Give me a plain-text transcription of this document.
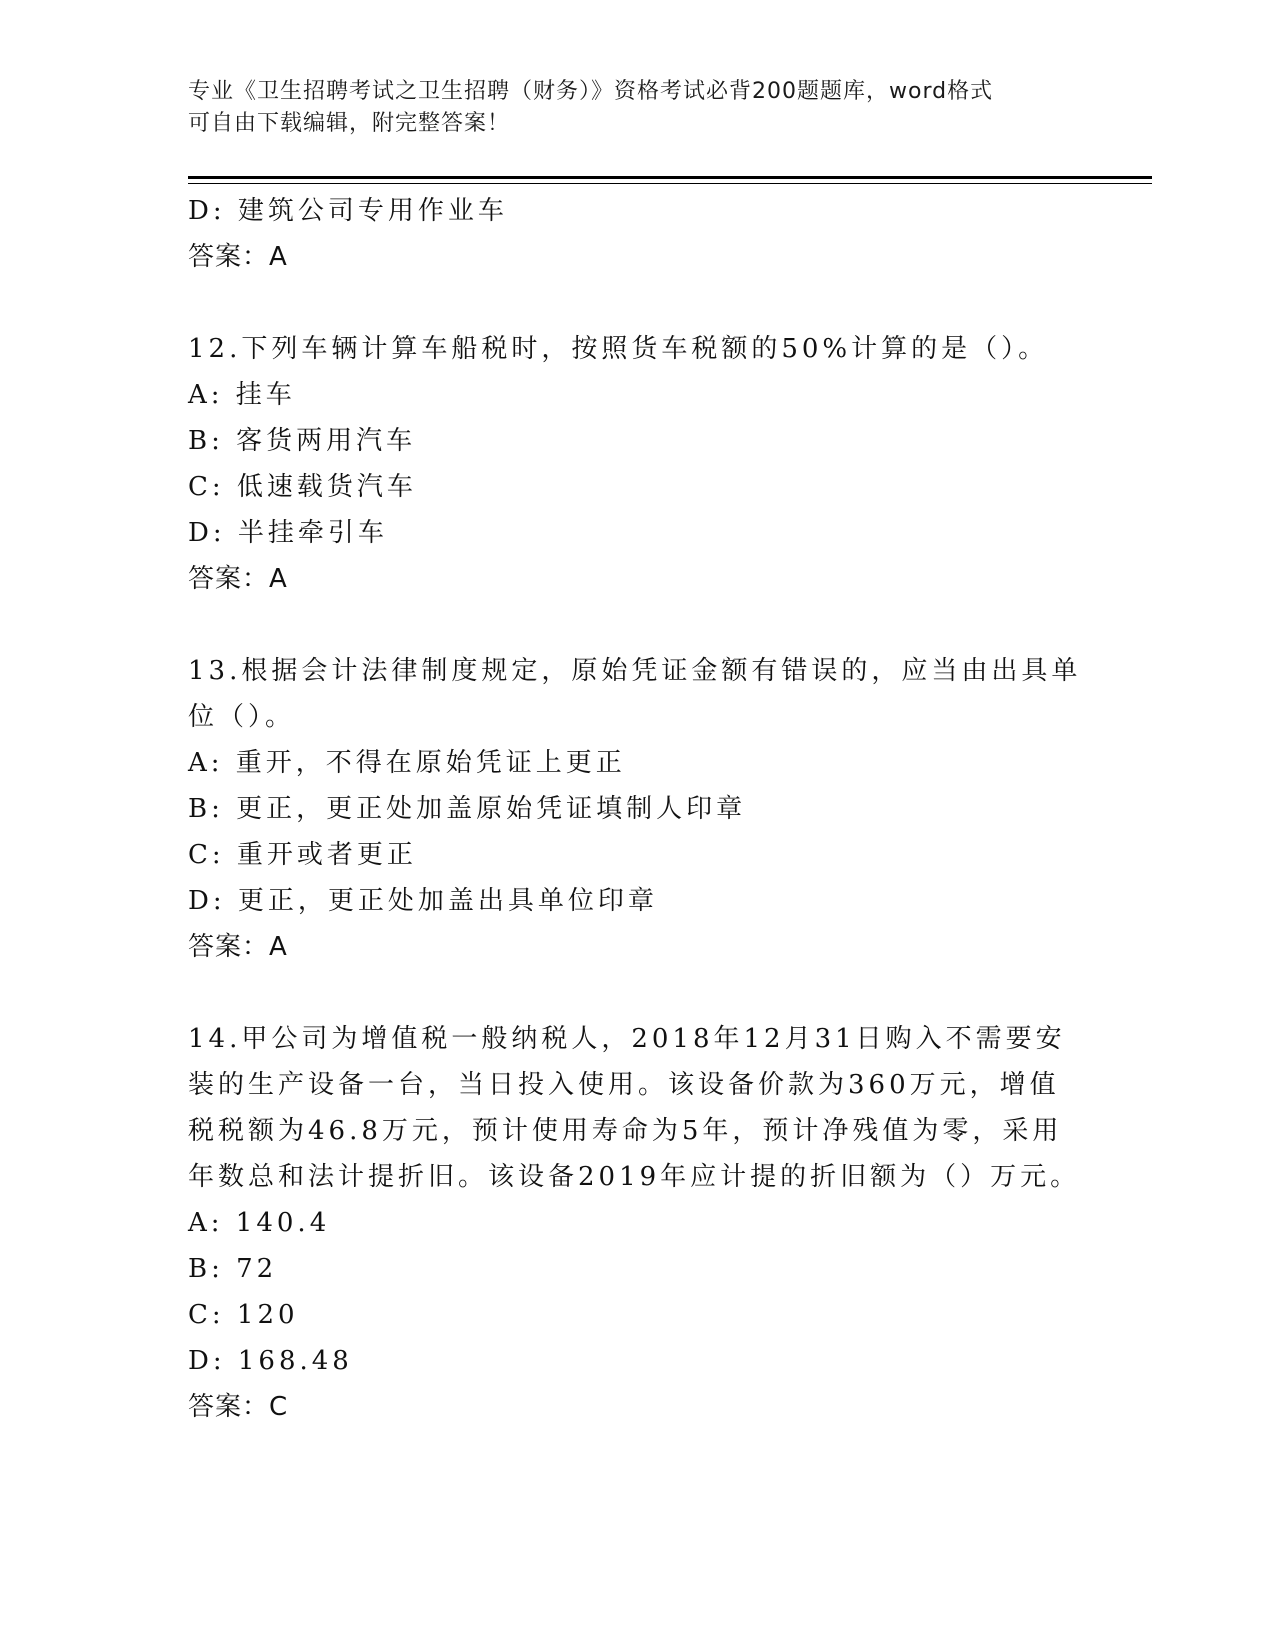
专业《卫生招聘考试之卫生招聘（财务）》资格考试必背200题题库，word格式
可自由下载编辑，附完整答案！

D: 建筑公司专用作业车

答案：A

12.下列车辆计算车船税时，按照货车税额的50%计算的是（）。

A: 挂车

B: 客货两用汽车

C: 低速载货汽车

D: 半挂牵引车

答案：A

13.根据会计法律制度规定，原始凭证金额有错误的，应当由出具单位（）。

A: 重开，不得在原始凭证上更正

B: 更正，更正处加盖原始凭证填制人印章

C: 重开或者更正

D: 更正，更正处加盖出具单位印章

答案：A

14.甲公司为增值税一般纳税人，2018年12月31日购入不需要安装的生产设备一台，当日投入使用。该设备价款为360万元，增值税税额为46.8万元，预计使用寿命为5年，预计净残值为零，采用年数总和法计提折旧。该设备2019年应计提的折旧额为（）万元。

A: 140.4

B: 72

C: 120

D: 168.48

答案：C
